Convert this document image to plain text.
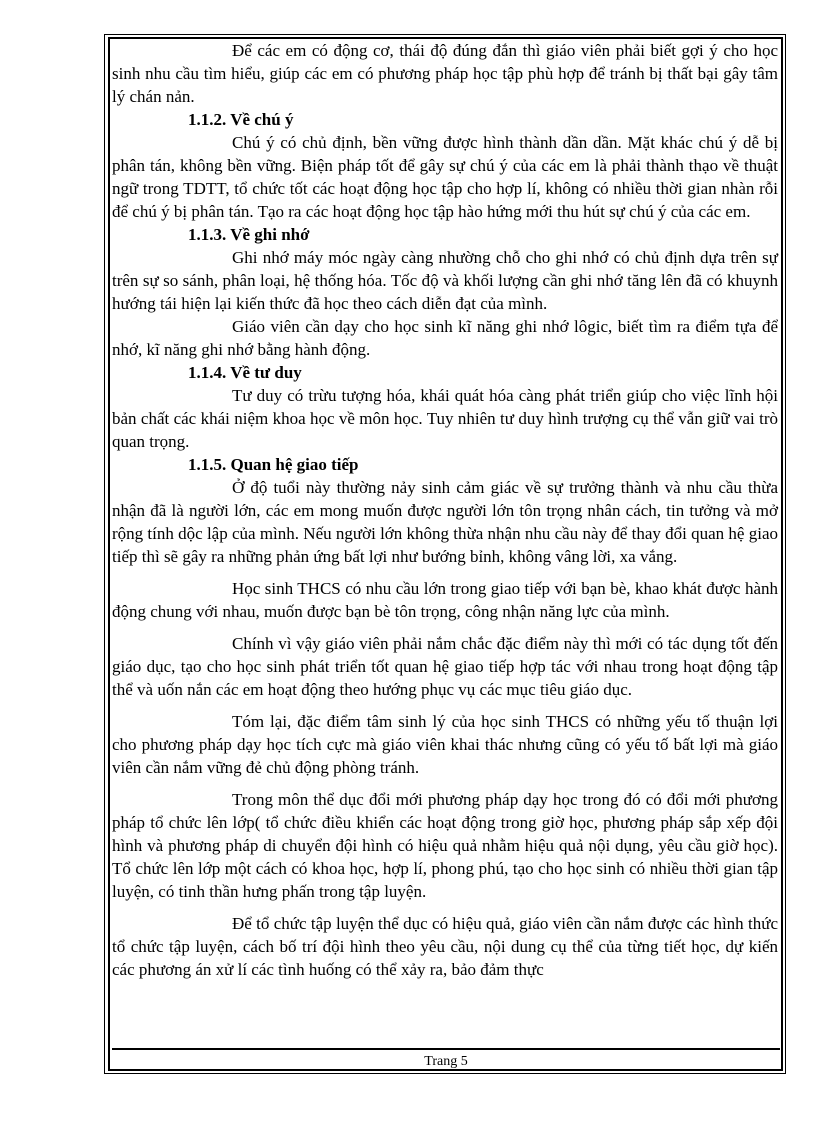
Để các em có động cơ, thái độ đúng đắn thì giáo viên phải biết gợi ý cho học sinh nhu cầu tìm hiểu, giúp các em có phương pháp học tập phù hợp để tránh bị thất bại gây tâm lý chán nản.

1.1.2. Về chú ý

Chú ý có chủ định, bền vững được hình thành dần dần. Mặt khác chú ý dễ bị phân tán, không bền vững. Biện pháp tốt để gây sự chú ý của các em là phải thành thạo về thuật ngữ trong TDTT, tổ chức tốt các hoạt động học tập cho hợp lí, không có nhiều thời gian nhàn rỗi để chú ý bị phân tán. Tạo ra các hoạt động học tập hào hứng mới thu hút sự chú ý của các em.

1.1.3. Về ghi nhớ

Ghi nhớ máy móc ngày càng nhường chỗ cho ghi nhớ có chủ định dựa trên sự trên sự so sánh, phân loại, hệ thống hóa. Tốc độ và khối lượng cần ghi nhớ tăng lên đã có khuynh hướng tái hiện lại kiến thức đã học theo cách diễn đạt của mình.

Giáo viên cần dạy cho học sinh kĩ năng ghi nhớ lôgic, biết tìm ra điểm tựa để nhớ, kĩ năng ghi nhớ bằng hành động.

1.1.4. Về tư duy

Tư duy có trừu tượng hóa, khái quát hóa càng phát triển giúp cho việc lĩnh hội bản chất các khái niệm khoa học về môn học. Tuy nhiên tư duy hình trượng cụ thể vẫn giữ vai trò quan trọng.

1.1.5. Quan hệ giao tiếp

Ở độ tuổi này thường nảy sinh cảm giác về sự trưởng thành và nhu cầu thừa nhận đã là người lớn, các em mong muốn được người lớn tôn trọng nhân cách, tin tưởng và mở rộng tính dộc lập của mình. Nếu người lớn không thừa nhận nhu cầu này để thay đổi quan hệ giao tiếp thì sẽ gây ra những phản ứng bất lợi như bướng bỉnh, không vâng lời, xa vắng.

Học sinh THCS có nhu cầu lớn trong giao tiếp với bạn bè, khao khát được hành động chung với nhau, muốn được bạn bè tôn trọng, công nhận năng lực của mình.

Chính vì vậy giáo viên phải nắm chắc đặc điểm này thì mới có tác dụng tốt đến giáo dục, tạo cho học sinh phát triển tốt quan hệ giao tiếp hợp tác với nhau trong hoạt động tập thể và uốn nắn các em hoạt động theo hướng phục vụ các mục tiêu giáo dục.

Tóm lại, đặc điểm tâm sinh lý của học sinh THCS có những yếu tố thuận lợi cho phương pháp dạy học tích cực mà giáo viên khai thác nhưng cũng có yếu tố bất lợi mà giáo viên cần nắm vững đẻ chủ động phòng tránh.

Trong môn thể dục đổi mới phương pháp dạy học trong đó có đổi mới phương pháp tổ chức lên lớp( tổ chức điều khiển các hoạt động trong giờ học, phương pháp sắp xếp đội hình và phương pháp di chuyển đội hình có hiệu quả nhằm hiệu quả nội dụng, yêu cầu giờ học). Tổ chức lên lớp một cách có khoa học, hợp lí, phong phú, tạo cho học sinh có nhiều thời gian tập luyện, có tinh thần hưng phấn trong tập luyện.

Để tổ chức tập luyện thể dục có hiệu quả, giáo viên cần nắm được các hình thức tổ chức tập luyện, cách bố trí đội hình theo yêu cầu, nội dung cụ thể của từng tiết học, dự kiến các phương án xử lí các tình huống có thể xảy ra, bảo đảm thực

Trang 5
